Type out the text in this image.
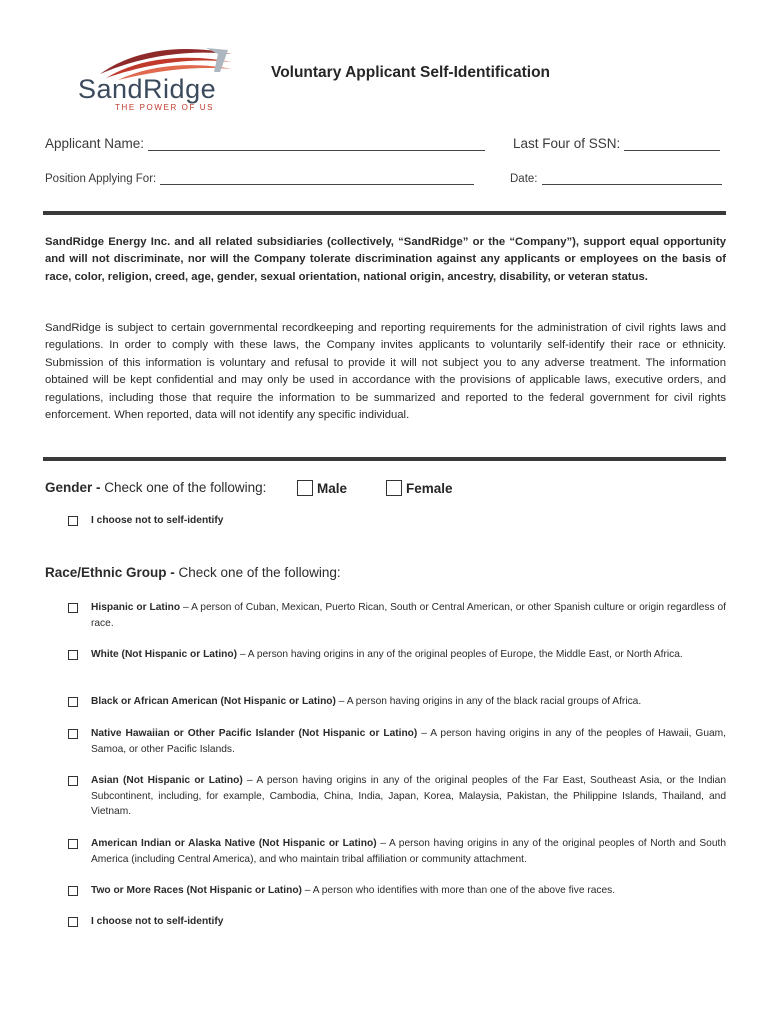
SandRidge
THE POWER OF US
Voluntary Applicant Self-Identification
Applicant Name:	Last Four of SSN:
Position Applying For:	Date:
SandRidge Energy Inc. and all related subsidiaries (collectively, “SandRidge” or the “Company”), support equal opportunity and will not discriminate, nor will the Company tolerate discrimination against any applicants or employees on the basis of race, color, religion, creed, age, gender, sexual orientation, national origin, ancestry, disability, or veteran status.
SandRidge is subject to certain governmental recordkeeping and reporting requirements for the administration of civil rights laws and regulations. In order to comply with these laws, the Company invites applicants to voluntarily self-identify their race or ethnicity. Submission of this information is voluntary and refusal to provide it will not subject you to any adverse treatment. The information obtained will be kept confidential and may only be used in accordance with the provisions of applicable laws, executive orders, and regulations, including those that require the information to be summarized and reported to the federal government for civil rights enforcement. When reported, data will not identify any specific individual.
Gender - Check one of the following:	Male	Female
I choose not to self-identify
Race/Ethnic Group - Check one of the following:
Hispanic or Latino – A person of Cuban, Mexican, Puerto Rican, South or Central American, or other Spanish culture or origin regardless of race.
White (Not Hispanic or Latino) – A person having origins in any of the original peoples of Europe, the Middle East, or North Africa.
Black or African American (Not Hispanic or Latino) – A person having origins in any of the black racial groups of Africa.
Native Hawaiian or Other Pacific Islander (Not Hispanic or Latino) – A person having origins in any of the peoples of Hawaii, Guam, Samoa, or other Pacific Islands.
Asian (Not Hispanic or Latino) – A person having origins in any of the original peoples of the Far East, Southeast Asia, or the Indian Subcontinent, including, for example, Cambodia, China, India, Japan, Korea, Malaysia, Pakistan, the Philippine Islands, Thailand, and Vietnam.
American Indian or Alaska Native (Not Hispanic or Latino) – A person having origins in any of the original peoples of North and South America (including Central America), and who maintain tribal affiliation or community attachment.
Two or More Races (Not Hispanic or Latino) – A person who identifies with more than one of the above five races.
I choose not to self-identify
